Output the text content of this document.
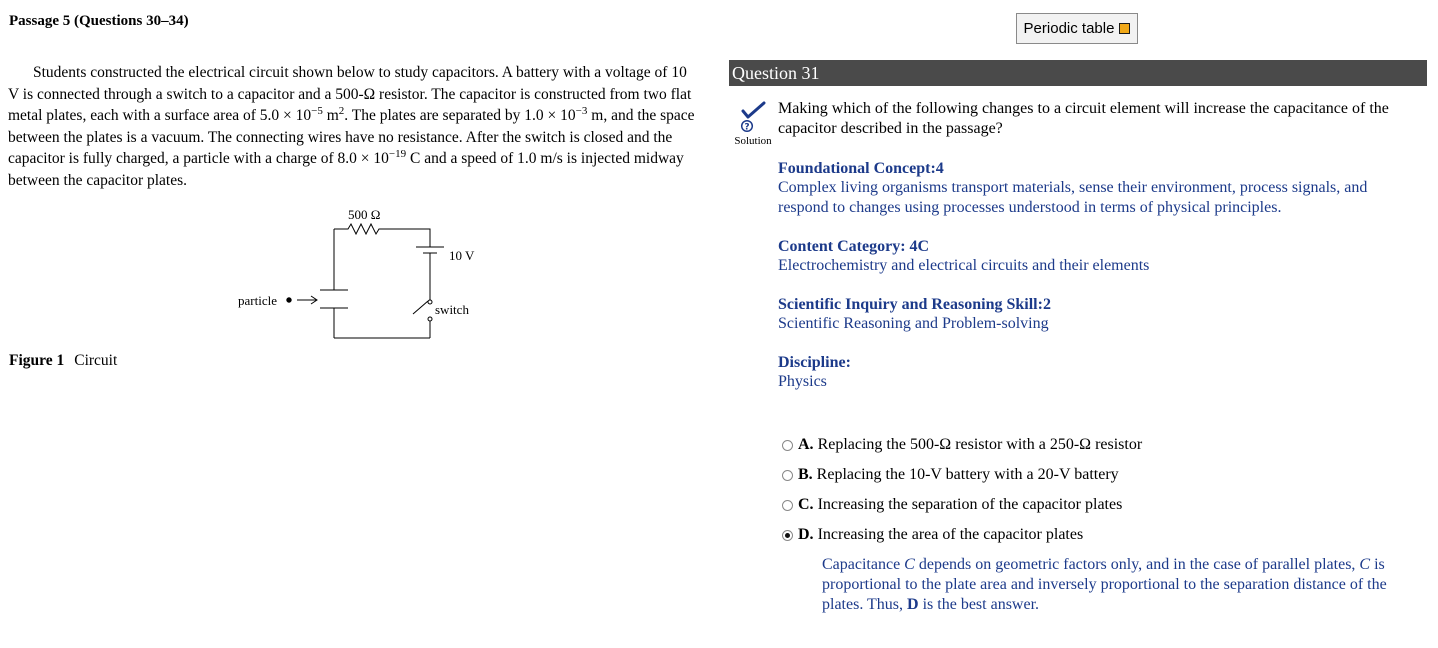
Passage 5 (Questions 30–34)

Students constructed the electrical circuit shown below to study capacitors. A battery with a voltage of 10 V is connected through a switch to a capacitor and a 500-Ω resistor. The capacitor is constructed from two flat metal plates, each with a surface area of $5.0 \times 10^{-5}$ $m^2$. The plates are separated by $1.0 \times 10^{-3}$ m, and the space between the plates is a vacuum. The connecting wires have no resistance. After the switch is closed and the capacitor is fully charged, a particle with a charge of $8.0 \times 10^{-19}$ C and a speed of 1.0 m/s is injected midway between the capacitor plates.

500 Ω
10 V
switch
particle
Figure 1 Circuit
Periodic table
Question 31
?
Solution
Making which of the following changes to a circuit element will increase the capacitance of the capacitor described in the passage?
Foundational Concept:4
Complex living organisms transport materials, sense their environment, process signals, and respond to changes using processes understood in terms of physical principles.
Content Category: 4C
Electrochemistry and electrical circuits and their elements
Scientific Inquiry and Reasoning Skill:2
Scientific Reasoning and Problem-solving
Discipline:
Physics
A.
Replacing the 500-Ω resistor with a 250-Ω resistor
B.
Replacing the 10-V battery with a 20-V battery
C.
Increasing the separation of the capacitor plates
D.
Increasing the area of the capacitor plates
Capacitance C depends on geometric factors only, and in the case of parallel plates, C is proportional to the plate area and inversely proportional to the separation distance of the plates. Thus, D is the best answer.
